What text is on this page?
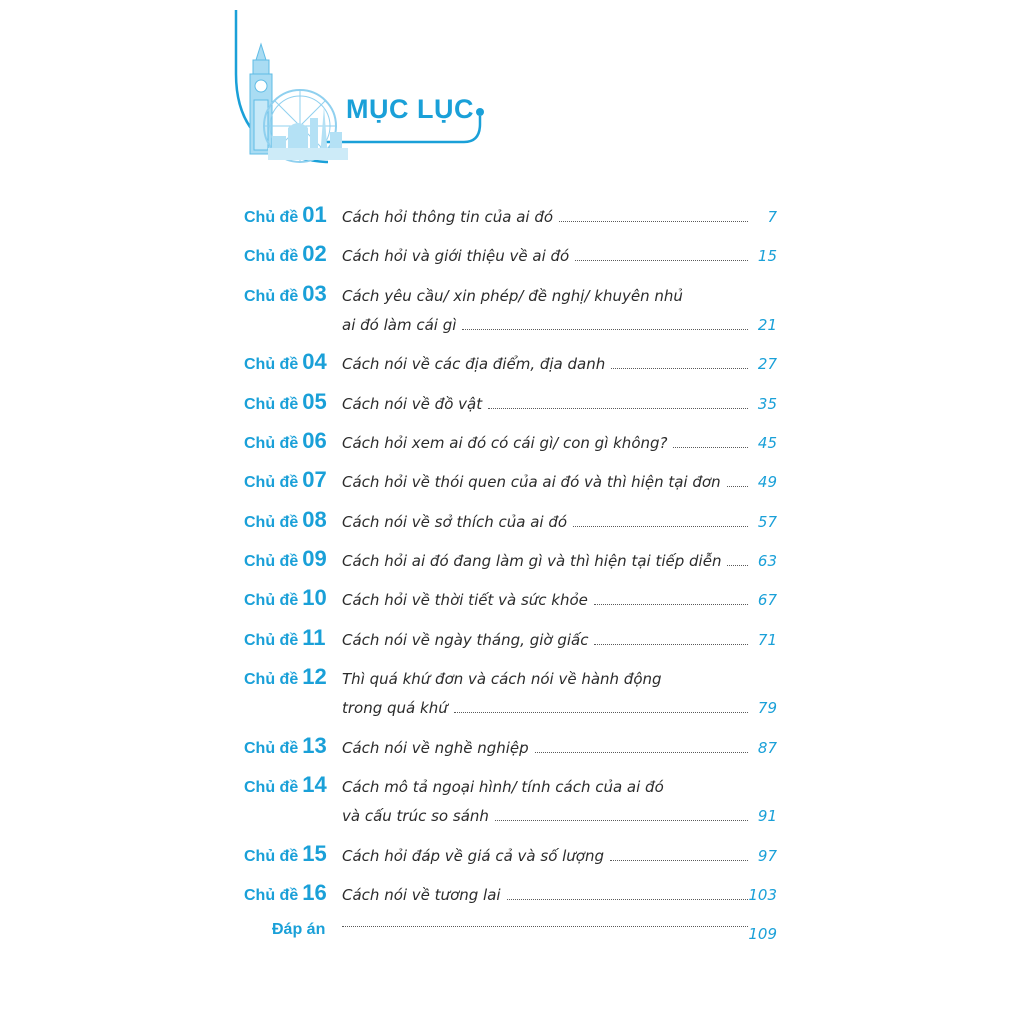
MỤC LỤC
Chủ đề 01 Cách hỏi thông tin của ai đó	7
Chủ đề 02 Cách hỏi và giới thiệu về ai đó	15
Chủ đề 03 Cách yêu cầu/ xin phép/ đề nghị/ khuyên nhủ
ai đó làm cái gì	21
Chủ đề 04 Cách nói về các địa điểm, địa danh	27
Chủ đề 05 Cách nói về đồ vật	35
Chủ đề 06 Cách hỏi xem ai đó có cái gì/ con gì không?	45
Chủ đề 07 Cách hỏi về thói quen của ai đó và thì hiện tại đơn	49
Chủ đề 08 Cách nói về sở thích của ai đó	57
Chủ đề 09 Cách hỏi ai đó đang làm gì và thì hiện tại tiếp diễn	63
Chủ đề 10 Cách hỏi về thời tiết và sức khỏe	67
Chủ đề 11 Cách nói về ngày tháng, giờ giấc	71
Chủ đề 12 Thì quá khứ đơn và cách nói về hành động
trong quá khứ	79
Chủ đề 13 Cách nói về nghề nghiệp	87
Chủ đề 14 Cách mô tả ngoại hình/ tính cách của ai đó
và cấu trúc so sánh	91
Chủ đề 15 Cách hỏi đáp về giá cả và số lượng	97
Chủ đề 16 Cách nói về tương lai	103
Đáp án	109
